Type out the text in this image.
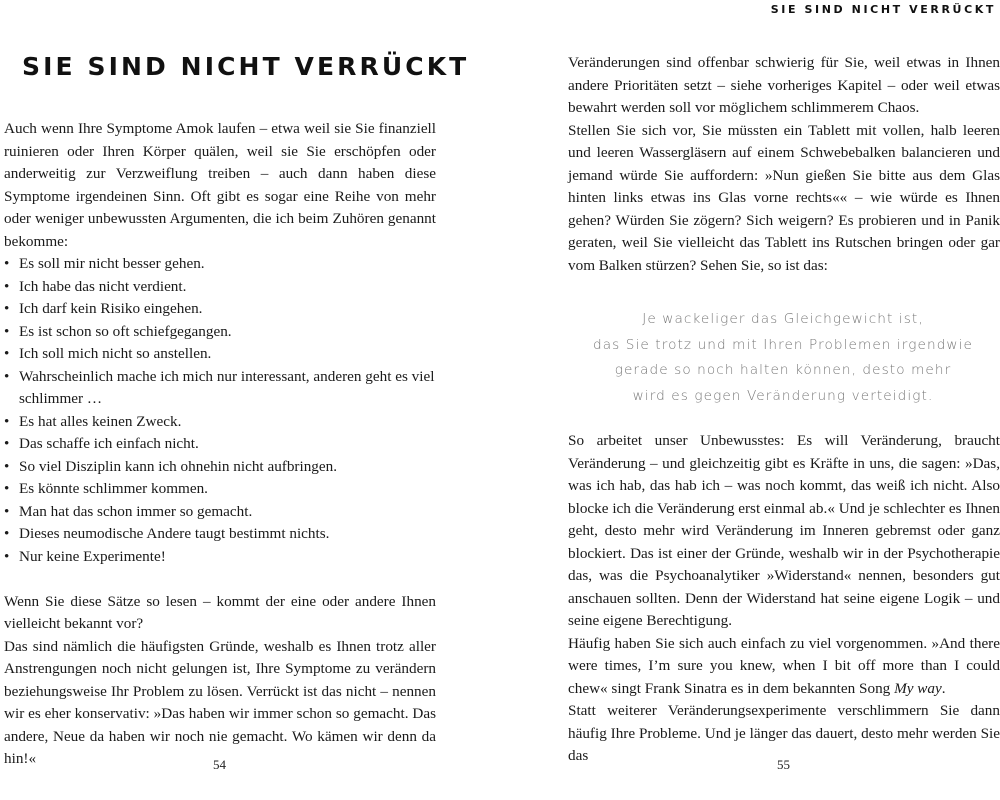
SIE SIND NICHT VERRÜCKT
SIE SIND NICHT VERRÜCKT

Auch wenn Ihre Symptome Amok laufen – etwa weil sie Sie finanziell ruinieren oder Ihren Körper quälen, weil sie Sie erschöpfen oder anderweitig zur Verzweiflung treiben – auch dann haben diese Symptome irgendeinen Sinn. Oft gibt es sogar eine Reihe von mehr oder weniger unbewussten Argumenten, die ich beim Zuhören genannt bekomme:

• Es soll mir nicht besser gehen.
• Ich habe das nicht verdient.
• Ich darf kein Risiko eingehen.
• Es ist schon so oft schiefgegangen.
• Ich soll mich nicht so anstellen.
• Wahrscheinlich mache ich mich nur interessant, anderen geht es viel schlimmer …
• Es hat alles keinen Zweck.
• Das schaffe ich einfach nicht.
• So viel Disziplin kann ich ohnehin nicht aufbringen.
• Es könnte schlimmer kommen.
• Man hat das schon immer so gemacht.
• Dieses neumodische Andere taugt bestimmt nichts.
• Nur keine Experimente!

Wenn Sie diese Sätze so lesen – kommt der eine oder andere Ihnen vielleicht bekannt vor?

Das sind nämlich die häufigsten Gründe, weshalb es Ihnen trotz aller Anstrengungen noch nicht gelungen ist, Ihre Symptome zu verändern beziehungsweise Ihr Problem zu lösen. Verrückt ist das nicht – nennen wir es eher konservativ: »Das haben wir immer schon so gemacht. Das andere, Neue da haben wir noch nie gemacht. Wo kämen wir denn da hin!«	54

Veränderungen sind offenbar schwierig für Sie, weil etwas in Ihnen andere Prioritäten setzt – siehe vorheriges Kapitel – oder weil etwas bewahrt werden soll vor möglichem schlimmerem Chaos.

Stellen Sie sich vor, Sie müssten ein Tablett mit vollen, halb leeren und leeren Wassergläsern auf einem Schwebebalken balancieren und jemand würde Sie auffordern: »Nun gießen Sie bitte aus dem Glas hinten links etwas ins Glas vorne rechts«« – wie würde es Ihnen gehen? Würden Sie zögern? Sich weigern? Es probieren und in Panik geraten, weil Sie vielleicht das Tablett ins Rutschen bringen oder gar vom Balken stürzen? Sehen Sie, so ist das:

Je wackeliger das Gleichgewicht ist,
das Sie trotz und mit Ihren Problemen irgendwie
gerade so noch halten können, desto mehr
wird es gegen Veränderung verteidigt.

So arbeitet unser Unbewusstes: Es will Veränderung, braucht Veränderung – und gleichzeitig gibt es Kräfte in uns, die sagen: »Das, was ich hab, das hab ich – was noch kommt, das weiß ich nicht. Also blocke ich die Veränderung erst einmal ab.« Und je schlechter es Ihnen geht, desto mehr wird Veränderung im Inneren gebremst oder ganz blockiert. Das ist einer der Gründe, weshalb wir in der Psychotherapie das, was die Psychoanalytiker »Widerstand« nennen, besonders gut anschauen sollten. Denn der Widerstand hat seine eigene Logik – und seine eigene Berechtigung.

Häufig haben Sie sich auch einfach zu viel vorgenommen. »And there were times, I’m sure you knew, when I bit off more than I could chew« singt Frank Sinatra es in dem bekannten Song My way.

Statt weiterer Veränderungsexperimente verschlimmern Sie dann häufig Ihre Probleme. Und je länger das dauert, desto mehr werden Sie das

55
